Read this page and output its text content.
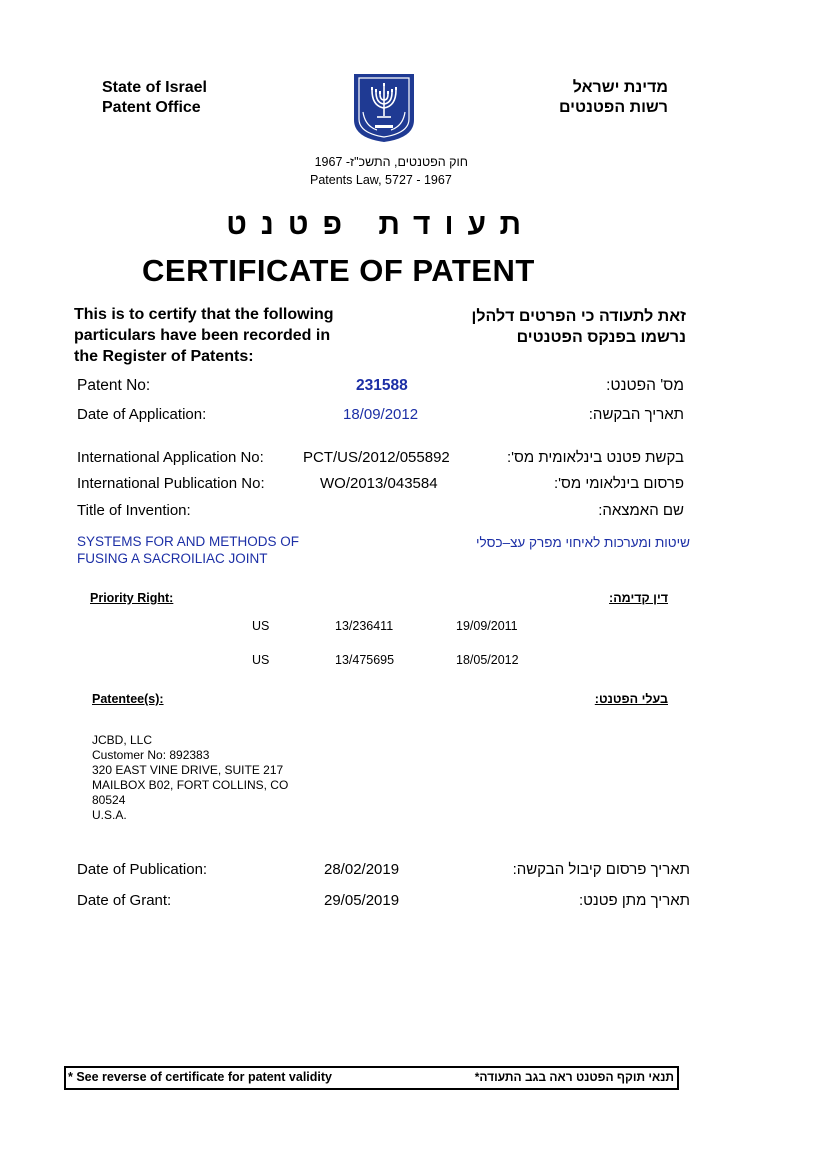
State of Israel
Patent Office
מדינת ישראל
רשות הפטנטים
חוק הפטנטים, התשכ"ז- 1967
Patents Law, 5727 - 1967
תעודת פטנט
CERTIFICATE OF PATENT
This is to certify that the following
particulars have been recorded in
the Register of Patents:
זאת לתעודה כי הפרטים דלהלן
נרשמו בפנקס הפטנטים
Patent No:	231588	מס' הפטנט:
Date of Application:	18/09/2012	תאריך הבקשה:
International Application No:	PCT/US/2012/055892	בקשת פטנט בינלאומית מס':
International Publication No:	WO/2013/043584	פרסום בינלאומי מס':
Title of Invention:	שם האמצאה:
SYSTEMS FOR AND METHODS OF
FUSING A SACROILIAC JOINT
שיטות ומערכות לאיחוי מפרק עצ–כסלי
Priority Right:	דין קדימה:
US	13/236411	19/09/2011
US	13/475695	18/05/2012
Patentee(s):	בעלי הפטנט:
JCBD, LLC
Customer No: 892383
320 EAST VINE DRIVE, SUITE 217
MAILBOX B02, FORT COLLINS, CO
80524
U.S.A.
Date of Publication:	28/02/2019	תאריך פרסום קיבול הבקשה:
Date of Grant:	29/05/2019	תאריך מתן פטנט:
* See reverse of certificate for patent validity	תנאי תוקף הפטנט ראה בגב התעודה*
